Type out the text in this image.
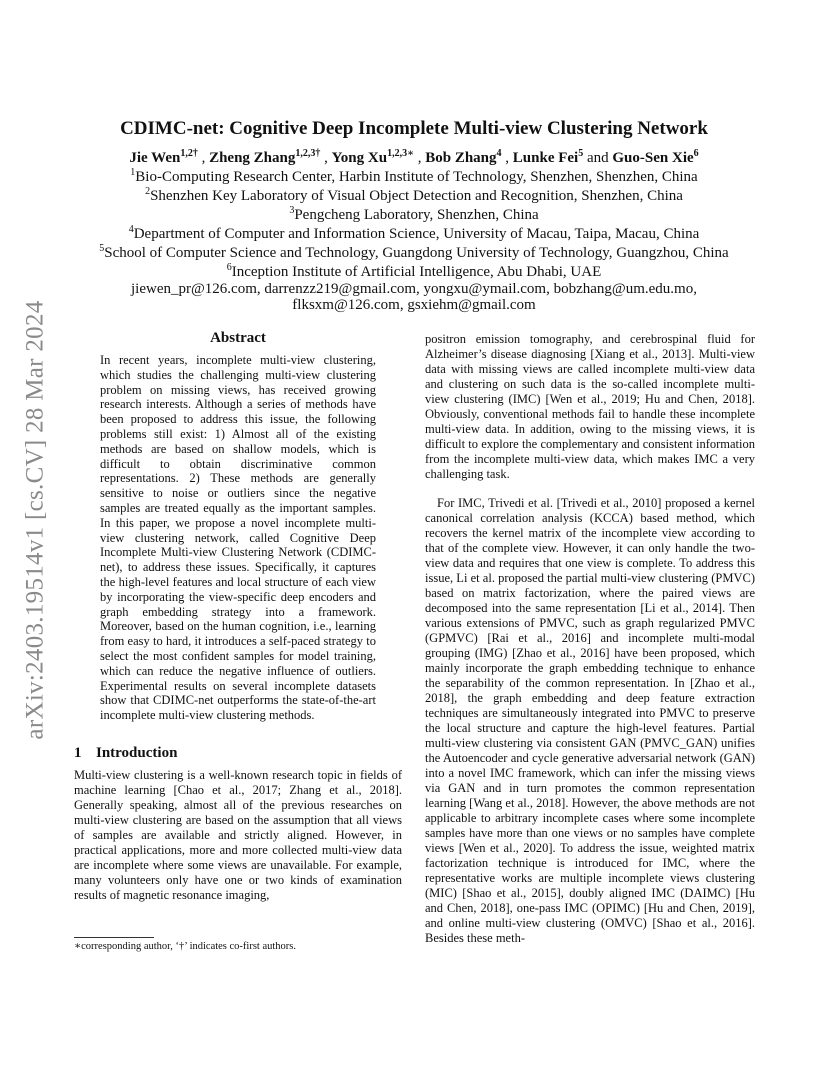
arXiv:2403.19514v1 [cs.CV] 28 Mar 2024
CDIMC-net: Cognitive Deep Incomplete Multi-view Clustering Network
Jie Wen$^{1,2\dagger}$ , Zheng Zhang$^{1,2,3\dagger}$ , Yong $Xu^{1,2,3∗}$ , Bob Zhang$^4$ , Lunke Fei$^5$ and Guo-Sen Xie$^6$
$^1$Bio-Computing Research Center, Harbin Institute of Technology, Shenzhen, Shenzhen, China
$^2$Shenzhen Key Laboratory of Visual Object Detection and Recognition, Shenzhen, China
$^3$Pengcheng Laboratory, Shenzhen, China
$^4$Department of Computer and Information Science, University of Macau, Taipa, Macau, China
$^5$School of Computer Science and Technology, Guangdong University of Technology, Guangzhou, China
$^6$Inception Institute of Artificial Intelligence, Abu Dhabi, UAE
jiewen_pr@126.com, darrenzz219@gmail.com, yongxu@ymail.com, bobzhang@um.edu.mo,
flksxm@126.com, gsxiehm@gmail.com
Abstract

In recent years, incomplete multi-view clustering, which studies the challenging multi-view clustering problem on missing views, has received growing research interests. Although a series of methods have been proposed to address this issue, the following problems still exist: 1) Almost all of the existing methods are based on shallow models, which is difficult to obtain discriminative common representations. 2) These methods are generally sensitive to noise or outliers since the negative samples are treated equally as the important samples. In this paper, we propose a novel incomplete multi-view clustering network, called Cognitive Deep Incomplete Multi-view Clustering Network (CDIMC-net), to address these issues. Specifically, it captures the high-level features and local structure of each view by incorporating the view-specific deep encoders and graph embedding strategy into a framework. Moreover, based on the human cognition, i.e., learning from easy to hard, it introduces a self-paced strategy to select the most confident samples for model training, which can reduce the negative influence of outliers. Experimental results on several incomplete datasets show that CDIMC-net outperforms the state-of-the-art incomplete multi-view clustering methods.

1 Introduction

Multi-view clustering is a well-known research topic in fields of machine learning [Chao et al., 2017; Zhang et al., 2018]. Generally speaking, almost all of the previous researches on multi-view clustering are based on the assumption that all views of samples are available and strictly aligned. However, in practical applications, more and more collected multi-view data are incomplete where some views are unavailable. For example, many volunteers only have one or two kinds of examination results of magnetic resonance imaging,

positron emission tomography, and cerebrospinal fluid for Alzheimer’s disease diagnosing [Xiang et al., 2013]. Multi-view data with missing views are called incomplete multi-view data and clustering on such data is the so-called incomplete multi-view clustering (IMC) [Wen et al., 2019; Hu and Chen, 2018]. Obviously, conventional methods fail to handle these incomplete multi-view data. In addition, owing to the missing views, it is difficult to explore the complementary and consistent information from the incomplete multi-view data, which makes IMC a very challenging task.

For IMC, Trivedi et al. [Trivedi et al., 2010] proposed a kernel canonical correlation analysis (KCCA) based method, which recovers the kernel matrix of the incomplete view according to that of the complete view. However, it can only handle the two-view data and requires that one view is complete. To address this issue, Li et al. proposed the partial multi-view clustering (PMVC) based on matrix factorization, where the paired views are decomposed into the same representation [Li et al., 2014]. Then various extensions of PMVC, such as graph regularized PMVC (GPMVC) [Rai et al., 2016] and incomplete multi-modal grouping (IMG) [Zhao et al., 2016] have been proposed, which mainly incorporate the graph embedding technique to enhance the separability of the common representation. In [Zhao et al., 2018], the graph embedding and deep feature extraction techniques are simultaneously integrated into PMVC to preserve the local structure and capture the high-level features. Partial multi-view clustering via consistent GAN (PMVC_GAN) unifies the Autoencoder and cycle generative adversarial network (GAN) into a novel IMC framework, which can infer the missing views via GAN and in turn promotes the common representation learning [Wang et al., 2018]. However, the above methods are not applicable to arbitrary incomplete cases where some incomplete samples have more than one views or no samples have complete views [Wen et al., 2020]. To address the issue, weighted matrix factorization technique is introduced for IMC, where the representative works are multiple incomplete views clustering (MIC) [Shao et al., 2015], doubly aligned IMC (DAIMC) [Hu and Chen, 2018], one-pass IMC (OPIMC) [Hu and Chen, 2019], and online multi-view clustering (OMVC) [Shao et al., 2016]. Besides these meth-

∗corresponding author, ‘†’ indicates co-first authors.
